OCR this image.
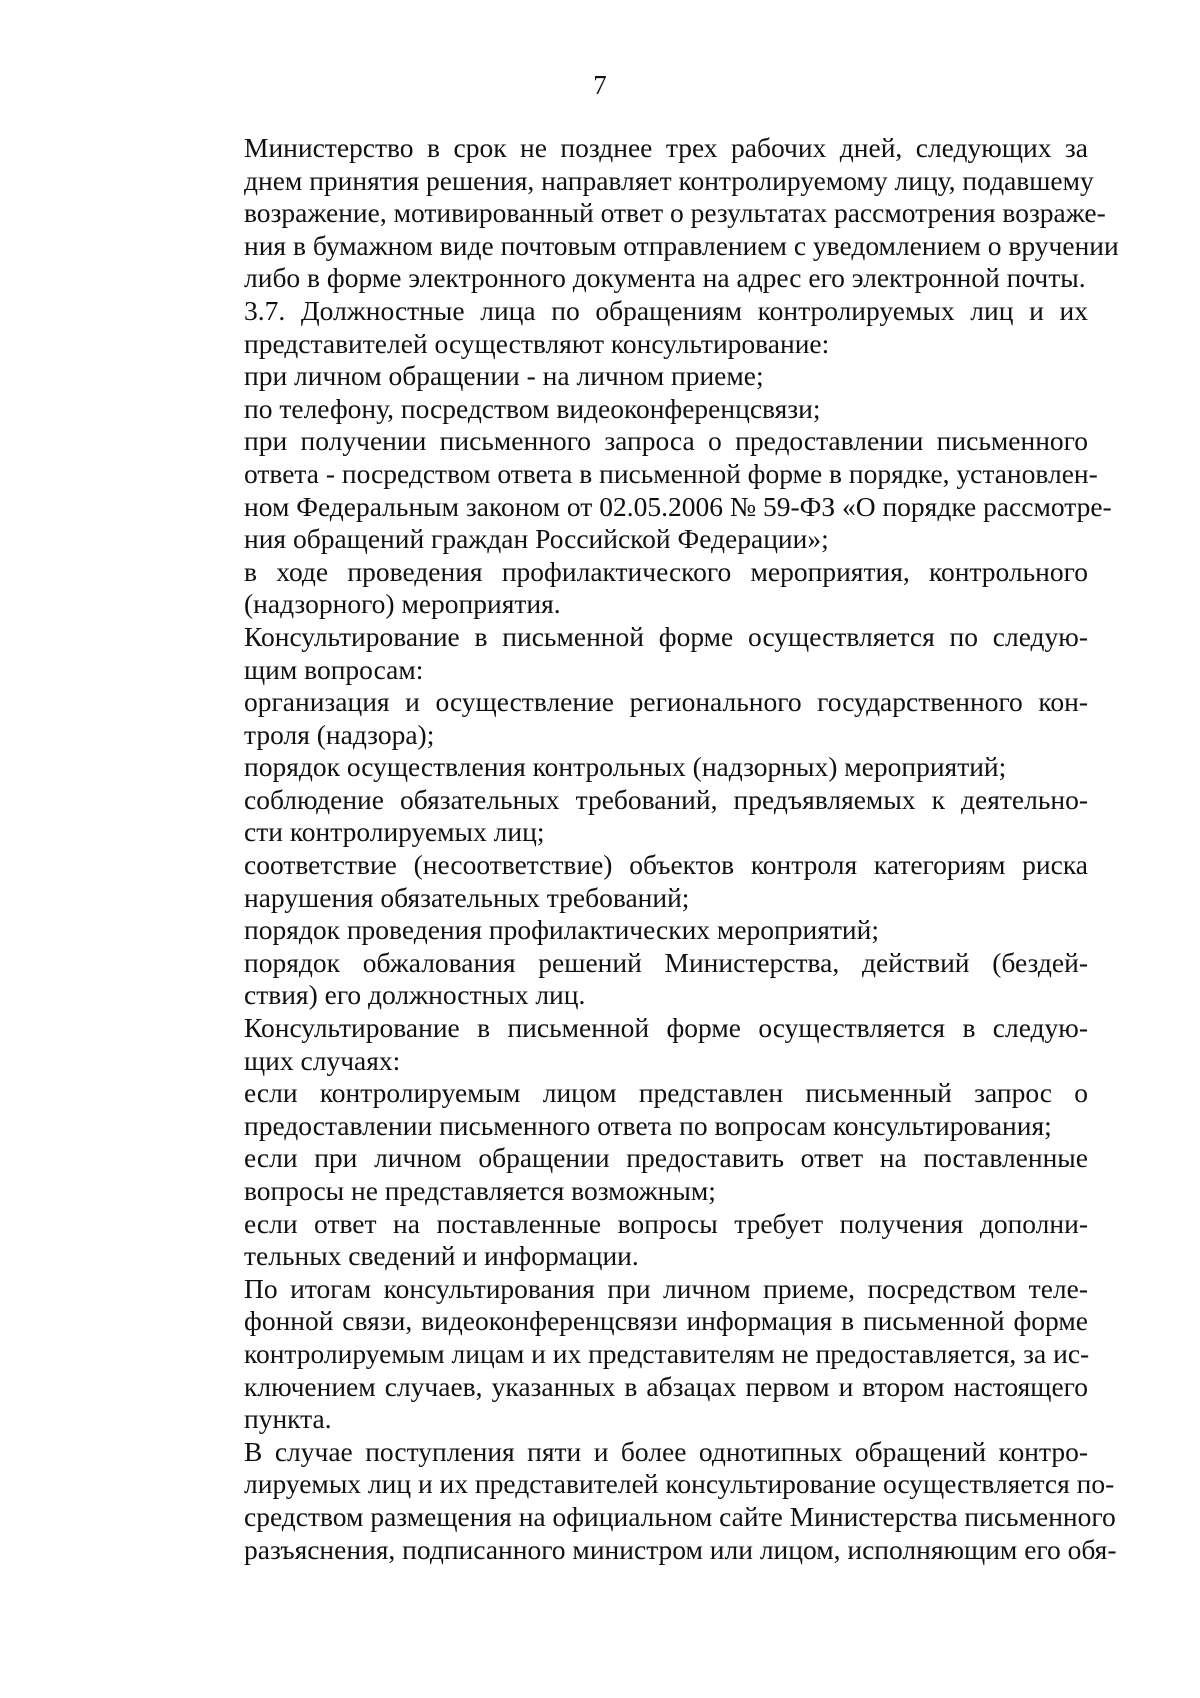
7

Министерство в срок не позднее трех рабочих дней, следующих за
днем принятия решения, направляет контролируемому лицу, подавшему
возражение, мотивированный ответ о результатах рассмотрения возраже-
ния в бумажном виде почтовым отправлением с уведомлением о вручении
либо в форме электронного документа на адрес его электронной почты.

3.7. Должностные лица по обращениям контролируемых лиц и их
представителей осуществляют консультирование:

при личном обращении - на личном приеме;

по телефону, посредством видеоконференцсвязи;

при получении письменного запроса о предоставлении письменного
ответа - посредством ответа в письменной форме в порядке, установлен-
ном Федеральным законом от 02.05.2006 № 59-ФЗ «О порядке рассмотре-
ния обращений граждан Российской Федерации»;

в ходе проведения профилактического мероприятия, контрольного
(надзорного) мероприятия.

Консультирование в письменной форме осуществляется по следую-
щим вопросам:

организация и осуществление регионального государственного кон-
троля (надзора);

порядок осуществления контрольных (надзорных) мероприятий;

соблюдение обязательных требований, предъявляемых к деятельно-
сти контролируемых лиц;

соответствие (несоответствие) объектов контроля категориям риска
нарушения обязательных требований;

порядок проведения профилактических мероприятий;

порядок обжалования решений Министерства, действий (бездей-
ствия) его должностных лиц.

Консультирование в письменной форме осуществляется в следую-
щих случаях:

если контролируемым лицом представлен письменный запрос о
предоставлении письменного ответа по вопросам консультирования;

если при личном обращении предоставить ответ на поставленные
вопросы не представляется возможным;

если ответ на поставленные вопросы требует получения дополни-
тельных сведений и информации.

По итогам консультирования при личном приеме, посредством теле-
фонной связи, видеоконференцсвязи информация в письменной форме
контролируемым лицам и их представителям не предоставляется, за ис-
ключением случаев, указанных в абзацах первом и втором настоящего
пункта.

В случае поступления пяти и более однотипных обращений контро-
лируемых лиц и их представителей консультирование осуществляется по-
средством размещения на официальном сайте Министерства письменного
разъяснения, подписанного министром или лицом, исполняющим его обя-
